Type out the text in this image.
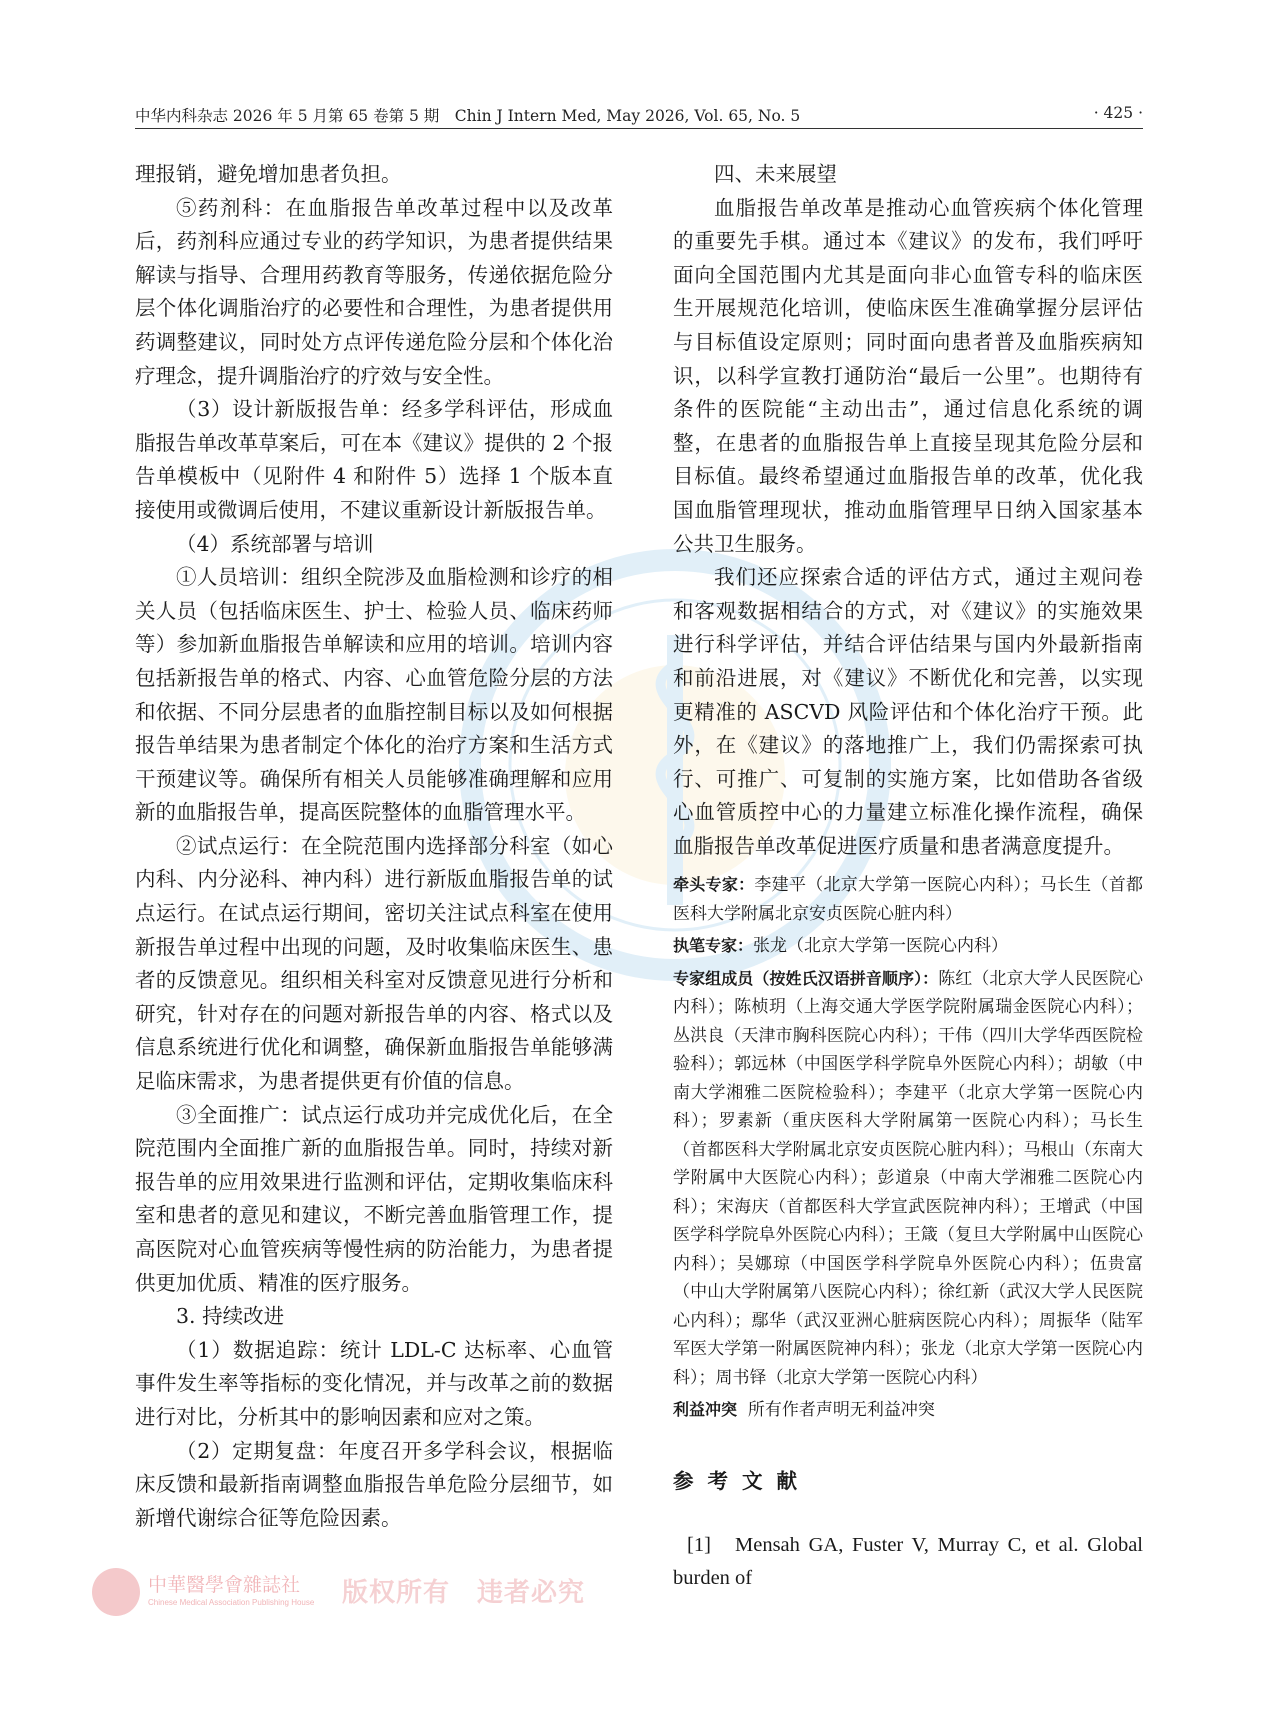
中华内科杂志 2026 年 5 月第 65 卷第 5 期　Chin J Intern Med, May 2026, Vol. 65, No. 5	· 425 ·

理报销，避免增加患者负担。

⑤药剂科：在血脂报告单改革过程中以及改革后，药剂科应通过专业的药学知识，为患者提供结果解读与指导、合理用药教育等服务，传递依据危险分层个体化调脂治疗的必要性和合理性，为患者提供用药调整建议，同时处方点评传递危险分层和个体化治疗理念，提升调脂治疗的疗效与安全性。

（3）设计新版报告单：经多学科评估，形成血脂报告单改革草案后，可在本《建议》提供的 2 个报告单模板中（见附件 4 和附件 5）选择 1 个版本直接使用或微调后使用，不建议重新设计新版报告单。

（4）系统部署与培训

①人员培训：组织全院涉及血脂检测和诊疗的相关人员（包括临床医生、护士、检验人员、临床药师等）参加新血脂报告单解读和应用的培训。培训内容包括新报告单的格式、内容、心血管危险分层的方法和依据、不同分层患者的血脂控制目标以及如何根据报告单结果为患者制定个体化的治疗方案和生活方式干预建议等。确保所有相关人员能够准确理解和应用新的血脂报告单，提高医院整体的血脂管理水平。

②试点运行：在全院范围内选择部分科室（如心内科、内分泌科、神内科）进行新版血脂报告单的试点运行。在试点运行期间，密切关注试点科室在使用新报告单过程中出现的问题，及时收集临床医生、患者的反馈意见。组织相关科室对反馈意见进行分析和研究，针对存在的问题对新报告单的内容、格式以及信息系统进行优化和调整，确保新血脂报告单能够满足临床需求，为患者提供更有价值的信息。

③全面推广：试点运行成功并完成优化后，在全院范围内全面推广新的血脂报告单。同时，持续对新报告单的应用效果进行监测和评估，定期收集临床科室和患者的意见和建议，不断完善血脂管理工作，提高医院对心血管疾病等慢性病的防治能力，为患者提供更加优质、精准的医疗服务。

3. 持续改进

（1）数据追踪：统计 LDL-C 达标率、心血管事件发生率等指标的变化情况，并与改革之前的数据进行对比，分析其中的影响因素和应对之策。

（2）定期复盘：年度召开多学科会议，根据临床反馈和最新指南调整血脂报告单危险分层细节，如新增代谢综合征等危险因素。

四、未来展望

血脂报告单改革是推动心血管疾病个体化管理的重要先手棋。通过本《建议》的发布，我们呼吁面向全国范围内尤其是面向非心血管专科的临床医生开展规范化培训，使临床医生准确掌握分层评估与目标值设定原则；同时面向患者普及血脂疾病知识，以科学宣教打通防治“最后一公里”。也期待有条件的医院能“主动出击”，通过信息化系统的调整，在患者的血脂报告单上直接呈现其危险分层和目标值。最终希望通过血脂报告单的改革，优化我国血脂管理现状，推动血脂管理早日纳入国家基本公共卫生服务。

我们还应探索合适的评估方式，通过主观问卷和客观数据相结合的方式，对《建议》的实施效果进行科学评估，并结合评估结果与国内外最新指南和前沿进展，对《建议》不断优化和完善，以实现更精准的 ASCVD 风险评估和个体化治疗干预。此外，在《建议》的落地推广上，我们仍需探索可执行、可推广、可复制的实施方案，比如借助各省级心血管质控中心的力量建立标准化操作流程，确保血脂报告单改革促进医疗质量和患者满意度提升。

牵头专家：李建平（北京大学第一医院心内科）；马长生（首都医科大学附属北京安贞医院心脏内科）

执笔专家：张龙（北京大学第一医院心内科）

专家组成员（按姓氏汉语拼音顺序）：陈红（北京大学人民医院心内科）；陈桢玥（上海交通大学医学院附属瑞金医院心内科）；丛洪良（天津市胸科医院心内科）；干伟（四川大学华西医院检验科）；郭远林（中国医学科学院阜外医院心内科）；胡敏（中南大学湘雅二医院检验科）；李建平（北京大学第一医院心内科）；罗素新（重庆医科大学附属第一医院心内科）；马长生（首都医科大学附属北京安贞医院心脏内科）；马根山（东南大学附属中大医院心内科）；彭道泉（中南大学湘雅二医院心内科）；宋海庆（首都医科大学宣武医院神内科）；王增武（中国医学科学院阜外医院心内科）；王箴（复旦大学附属中山医院心内科）；吴娜琼（中国医学科学院阜外医院心内科）；伍贵富（中山大学附属第八医院心内科）；徐红新（武汉大学人民医院心内科）；鄢华（武汉亚洲心脏病医院心内科）；周振华（陆军军医大学第一附属医院神内科）；张龙（北京大学第一医院心内科）；周书铎（北京大学第一医院心内科）

利益冲突 所有作者声明无利益冲突

参考文献

[1] Mensah GA, Fuster V, Murray C, et al. Global burden of

中華醫學會雜誌社
Chinese Medical Association Publishing House 版权所有　违者必究
